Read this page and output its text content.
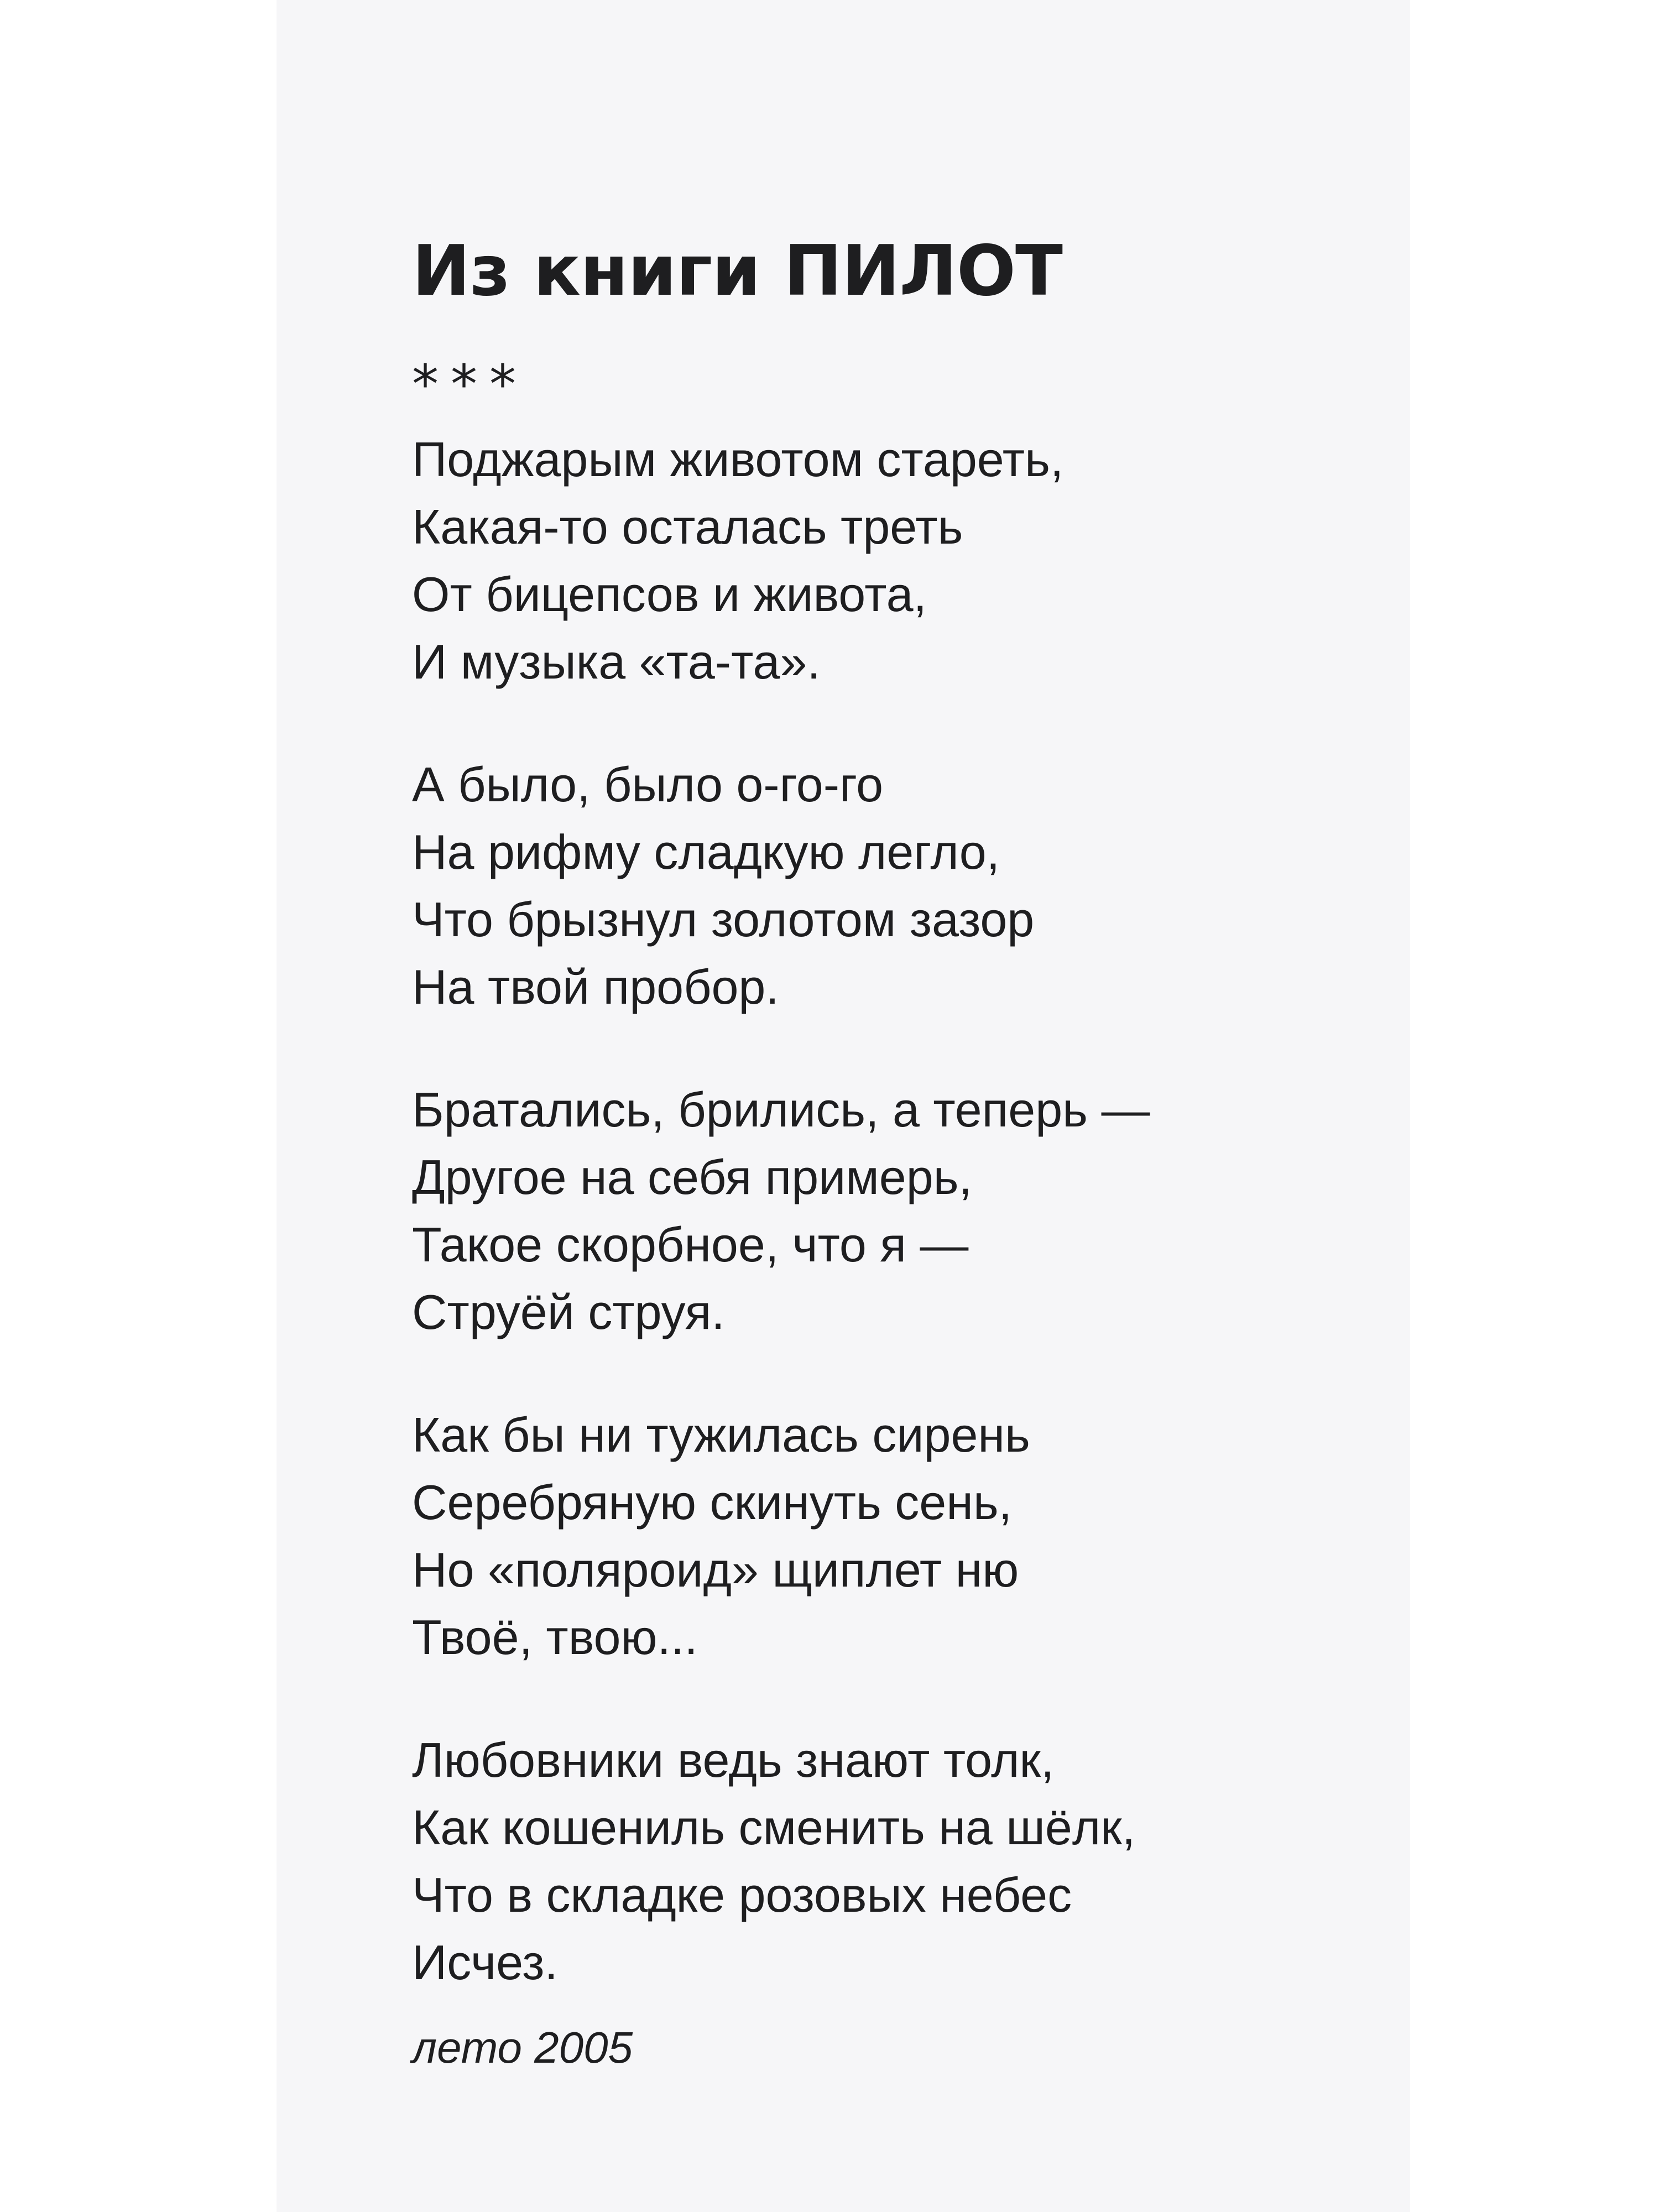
Из книги ПИЛОТ
***
Поджарым животом стареть,
Какая-то осталась треть
От бицепсов и живота,
И музыка «та-та».
А было, было о-го-го
На рифму сладкую легло,
Что брызнул золотом зазор
На твой пробор.
Братались, брились, а теперь —
Другое на себя примерь,
Такое скорбное, что я —
Струёй струя.
Как бы ни тужилась сирень
Серебряную скинуть сень,
Но «поляроид» щиплет ню
Твоё, твою...
Любовники ведь знают толк,
Как кошениль сменить на шёлк,
Что в складке розовых небес
Исчез.
лето 2005
